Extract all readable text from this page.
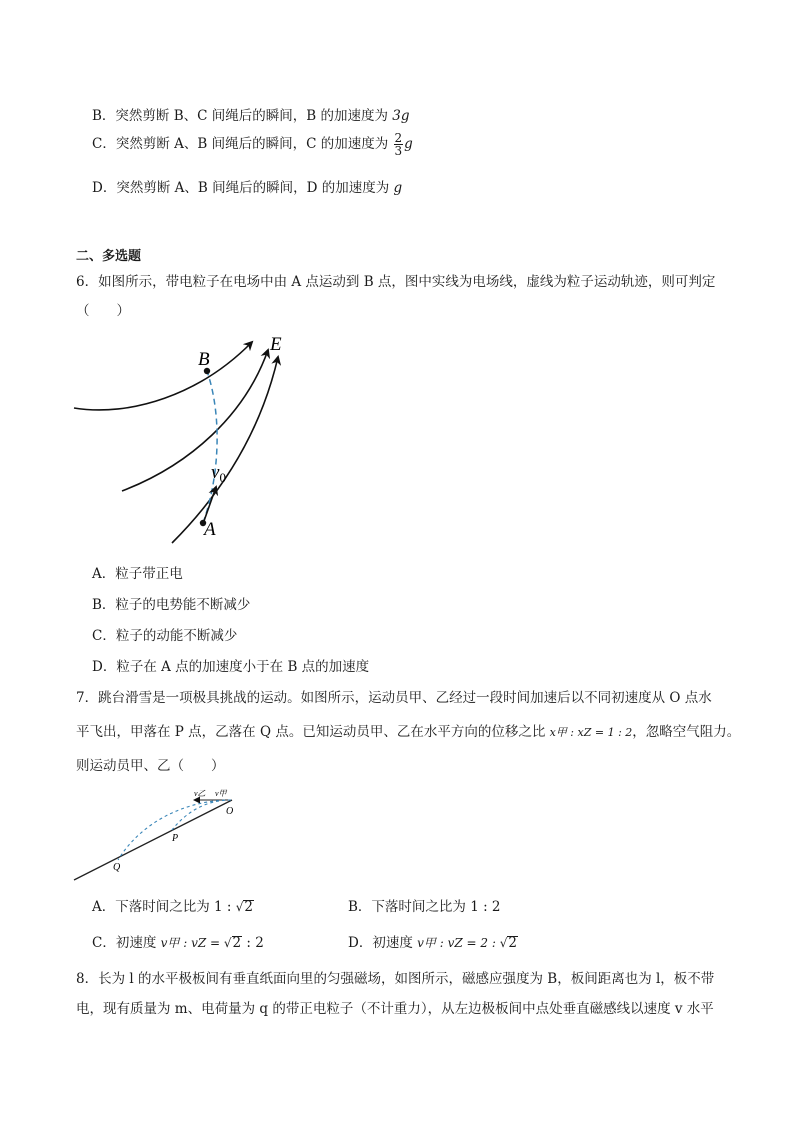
B．突然剪断 B、C 间绳后的瞬间，B 的加速度为 3g
C．突然剪断 A、B 间绳后的瞬间，C 的加速度为 $\frac{2}{3}$ g
D．突然剪断 A、B 间绳后的瞬间，D 的加速度为 g
二、多选题
6．如图所示，带电粒子在电场中由 A 点运动到 B 点，图中实线为电场线，虚线为粒子运动轨迹，则可判定
（　　）
B
E
A
$v_0$
A．粒子带正电
B．粒子的电势能不断减少
C．粒子的动能不断减少
D．粒子在 A 点的加速度小于在 B 点的加速度
7．跳台滑雪是一项极具挑战的运动。如图所示，运动员甲、乙经过一段时间加速后以不同初速度从 O 点水
平飞出，甲落在 P 点，乙落在 Q 点。已知运动员甲、乙在水平方向的位移之比 x甲 : xZ = 1 : 2，忽略空气阻力。
则运动员甲、乙（　　）
v乙 v甲
O
P
Q
A．下落时间之比为 1 : √2	B．下落时间之比为 1 : 2
C．初速度 v甲 : vZ = √2 : 2	D．初速度 v甲 : vZ = 2 : √2
8．长为 l 的水平极板间有垂直纸面向里的匀强磁场，如图所示，磁感应强度为 B，板间距离也为 l，板不带
电，现有质量为 m、电荷量为 q 的带正电粒子（不计重力），从左边极板间中点处垂直磁感线以速度 v 水平
